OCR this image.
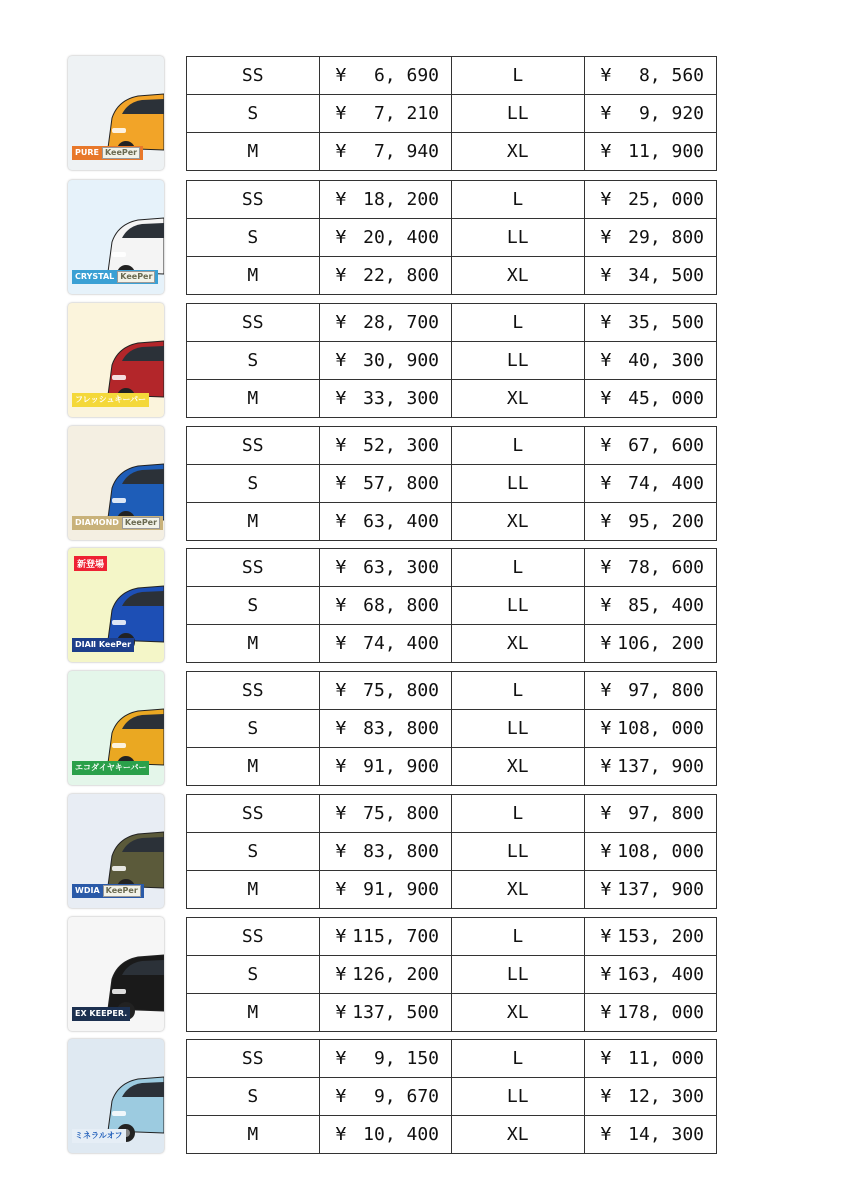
PURE KeePer
SS	¥ 6, 690	L	¥ 8, 560

S	¥ 7, 210	LL	¥ 9, 920

M	¥ 7, 940	XL	¥ 11, 900
CRYSTAL KeePer
SS	¥ 18, 200	L	¥ 25, 000

S	¥ 20, 400	LL	¥ 29, 800

M	¥ 22, 800	XL	¥ 34, 500
フレッシュキーパー
SS	¥ 28, 700	L	¥ 35, 500

S	¥ 30, 900	LL	¥ 40, 300

M	¥ 33, 300	XL	¥ 45, 000
DIAMOND KeePer
SS	¥ 52, 300	L	¥ 67, 600

S	¥ 57, 800	LL	¥ 74, 400

M	¥ 63, 400	XL	¥ 95, 200
新登場
DIAⅡ KeePer
SS	¥ 63, 300	L	¥ 78, 600

S	¥ 68, 800	LL	¥ 85, 400

M	¥ 74, 400	XL	¥ 106, 200
エコダイヤキーパー
SS	¥ 75, 800	L	¥ 97, 800

S	¥ 83, 800	LL	¥ 108, 000

M	¥ 91, 900	XL	¥ 137, 900
WDIA KeePer
SS	¥ 75, 800	L	¥ 97, 800

S	¥ 83, 800	LL	¥ 108, 000

M	¥ 91, 900	XL	¥ 137, 900
EX KEEPER.
SS	¥ 115, 700	L	¥ 153, 200

S	¥ 126, 200	LL	¥ 163, 400

M	¥ 137, 500	XL	¥ 178, 000
ミネラルオフ
SS	¥ 9, 150	L	¥ 11, 000

S	¥ 9, 670	LL	¥ 12, 300

M	¥ 10, 400	XL	¥ 14, 300
